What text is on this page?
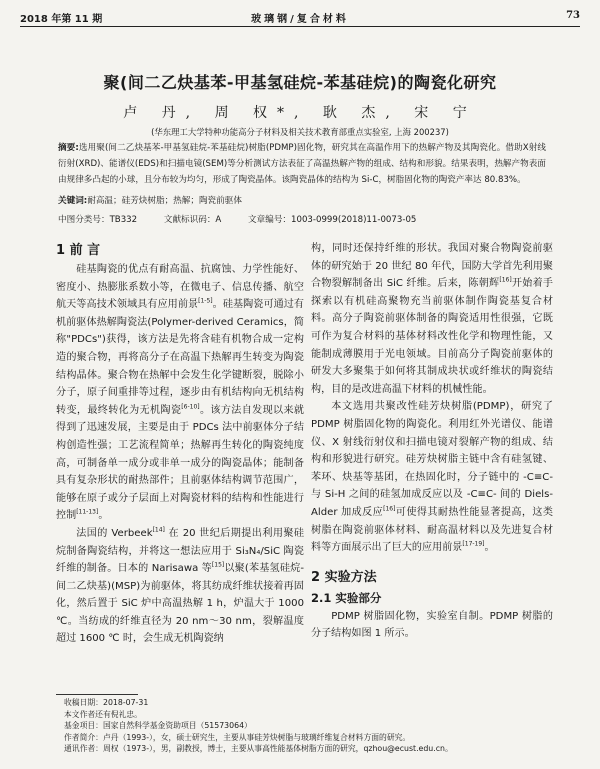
2018 年第 11 期	玻璃钢/复合材料	73
聚(间二乙炔基苯-甲基氢硅烷-苯基硅烷)的陶瓷化研究
卢 丹, 周 权*, 耿 杰, 宋 宁
(华东理工大学特种功能高分子材料及相关技术教育部重点实验室, 上海 200237)
摘要:选用聚(间二乙炔基苯-甲基氢硅烷-苯基硅烷)树脂(PDMP)固化物，研究其在高温作用下的热解产物及其陶瓷化。借助X射线衍射(XRD)、能谱仪(EDS)和扫描电镜(SEM)等分析测试方法表征了高温热解产物的组成、结构和形貌。结果表明，热解产物表面由规律多凸起的小球，且分布较为均匀，形成了陶瓷晶体。该陶瓷晶体的结构为 Si-C，树脂固化物的陶瓷产率达 80.83%。
关键词:耐高温；硅芳炔树脂；热解；陶瓷前驱体
中图分类号：TB332	文献标识码：A	文章编号：1003-0999(2018)11-0073-05
1 前 言

硅基陶瓷的优点有耐高温、抗腐蚀、力学性能好、密度小、热膨胀系数小等，在微电子、信息传播、航空航天等高技术领域具有应用前景[1-5]。硅基陶瓷可通过有机前驱体热解陶瓷法(Polymer-derived Ceramics，简称"PDCs")获得，该方法是先将含硅有机物合成一定构造的聚合物，再将高分子在高温下热解再生转变为陶瓷结构晶体。聚合物在热解中会发生化学键断裂，脱除小分子，原子间重排等过程，逐步由有机结构向无机结构转变，最终转化为无机陶瓷[6-10]。该方法自发现以来就得到了迅速发展，主要是由于 PDCs 法中前驱体分子结构创造性强；工艺流程简单；热解再生转化的陶瓷纯度高，可制备单一成分或非单一成分的陶瓷晶体；能制备具有复杂形状的耐热部件；且前驱体结构调节范围广，能够在原子或分子层面上对陶瓷材料的结构和性能进行控制[11-13]。

法国的 Verbeek[14] 在 20 世纪后期提出利用聚硅烷制备陶瓷结构，并将这一想法应用于 Si₃N₄/SiC 陶瓷纤维的制备。日本的 Narisawa 等[15]以聚(苯基氢硅烷-间二乙炔基)(MSP)为前驱体，将其纺成纤维状接着再固化，然后置于 SiC 炉中高温热解 1 h，炉温大于 1000 ℃。当纺成的纤维直径为 20 nm～30 nm，裂解温度超过 1600 ℃ 时，会生成无机陶瓷纳

构，同时还保持纤维的形状。我国对聚合物陶瓷前驱体的研究始于 20 世纪 80 年代，国防大学首先利用聚合物裂解制备出 SiC 纤维。后来，陈朝辉[16]开始着手探索以有机硅高聚物充当前驱体制作陶瓷基复合材料。高分子陶瓷前驱体制备的陶瓷适用性很强，它既可作为复合材料的基体材料改性化学和物理性能，又能制成薄膜用于光电领域。目前高分子陶瓷前驱体的研发大多聚集于如何将其制成块状或纤维状的陶瓷结构，目的是改进高温下材料的机械性能。

本文选用共聚改性硅芳炔树脂(PDMP)，研究了 PDMP 树脂固化物的陶瓷化。利用红外光谱仪、能谱仪、X 射线衍射仪和扫描电镜对裂解产物的组成、结构和形貌进行研究。硅芳炔树脂主链中含有硅氢键、苯环、炔基等基团，在热固化时，分子链中的 -C≡C- 与 Si-H 之间的硅氢加成反应以及 -C≡C- 间的 Diels-Alder 加成反应[16]可使得其耐热性能显著提高，这类树脂在陶瓷前驱体材料、耐高温材料以及先进复合材料等方面展示出了巨大的应用前景[17-19]。

2 实验方法
2.1 实验部分

PDMP 树脂固化物，实验室自制。PDMP 树脂的分子结构如图 1 所示。

收稿日期：2018-07-31
本文作者还有倪礼忠。
基金项目：国家自然科学基金资助项目（51573064）
作者简介：卢丹（1993-），女，硕士研究生，主要从事硅芳炔树脂与玻璃纤维复合材料方面的研究。
通讯作者：周权（1973-），男，副教授，博士，主要从事高性能基体树脂方面的研究，qzhou@ecust.edu.cn。
